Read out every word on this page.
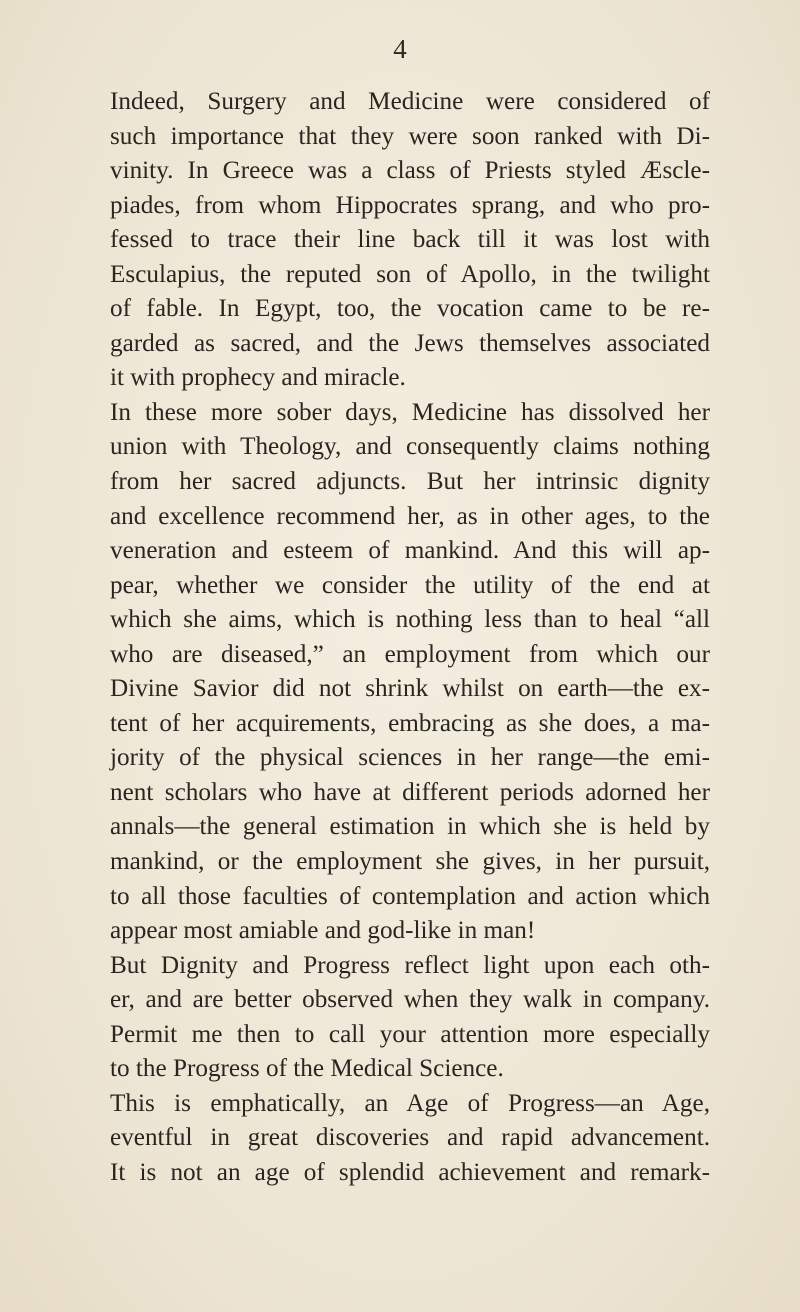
4
Indeed, Surgery and Medicine were considered of
such importance that they were soon ranked with Di-
vinity. In Greece was a class of Priests styled Æscle-
piades, from whom Hippocrates sprang, and who pro-
fessed to trace their line back till it was lost with
Esculapius, the reputed son of Apollo, in the twilight
of fable. In Egypt, too, the vocation came to be re-
garded as sacred, and the Jews themselves associated
it with prophecy and miracle.
In these more sober days, Medicine has dissolved her
union with Theology, and consequently claims nothing
from her sacred adjuncts. But her intrinsic dignity
and excellence recommend her, as in other ages, to the
veneration and esteem of mankind. And this will ap-
pear, whether we consider the utility of the end at
which she aims, which is nothing less than to heal “all
who are diseased,” an employment from which our
Divine Savior did not shrink whilst on earth—the ex-
tent of her acquirements, embracing as she does, a ma-
jority of the physical sciences in her range—the emi-
nent scholars who have at different periods adorned her
annals—the general estimation in which she is held by
mankind, or the employment she gives, in her pursuit,
to all those faculties of contemplation and action which
appear most amiable and god-like in man!
But Dignity and Progress reflect light upon each oth-
er, and are better observed when they walk in company.
Permit me then to call your attention more especially
to the Progress of the Medical Science.
This is emphatically, an Age of Progress—an Age,
eventful in great discoveries and rapid advancement.
It is not an age of splendid achievement and remark-
